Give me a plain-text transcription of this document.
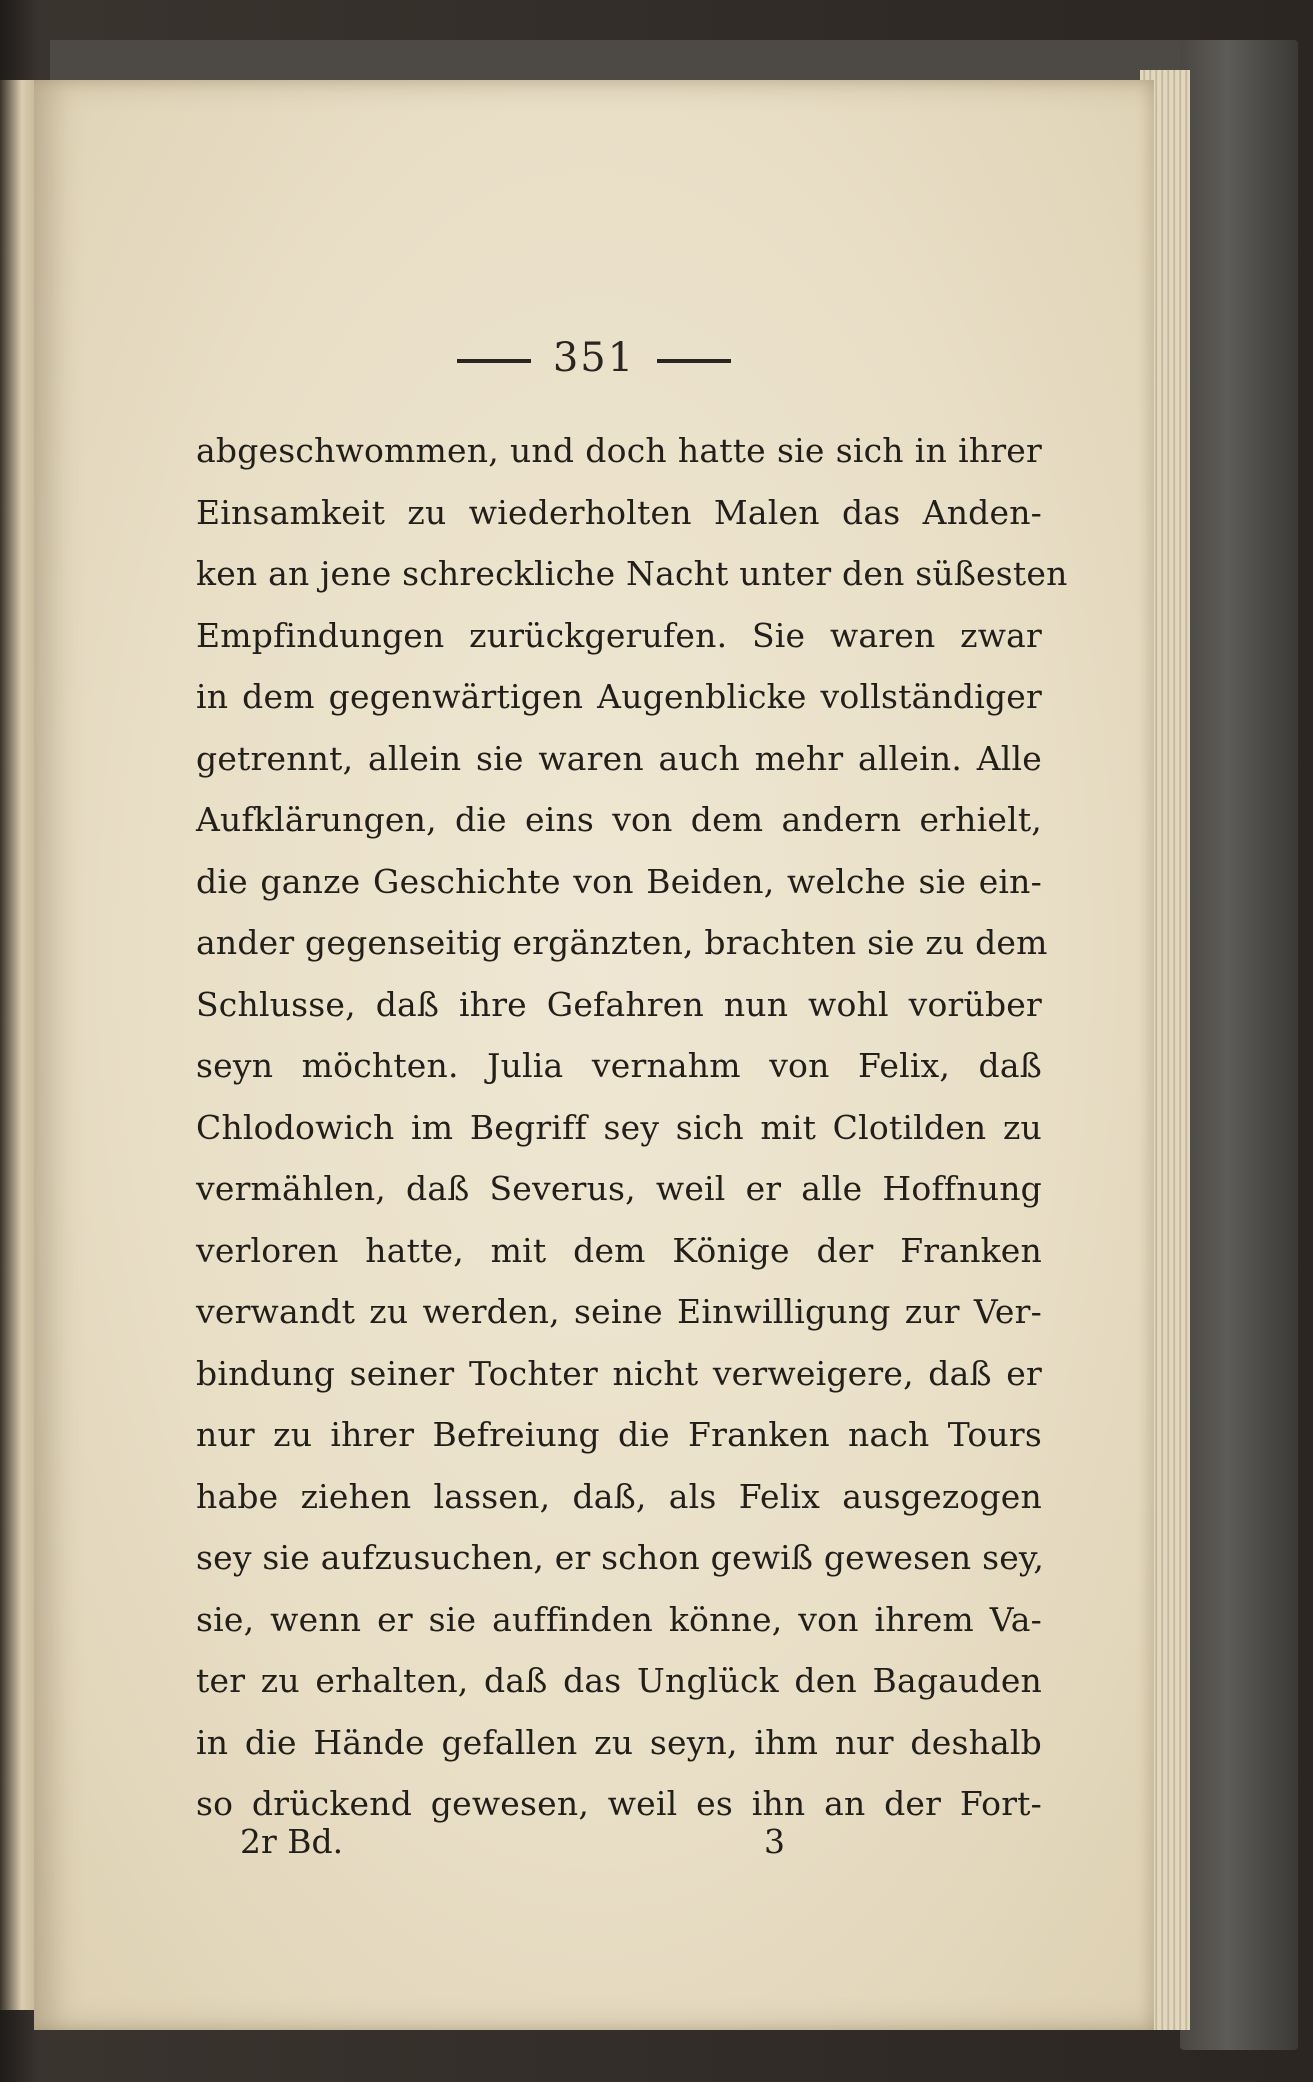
351
abgeschwommen, und doch hatte sie sich in ihrer
Einsamkeit zu wiederholten Malen das Anden-
ken an jene schreckliche Nacht unter den süßesten
Empfindungen zurückgerufen. Sie waren zwar
in dem gegenwärtigen Augenblicke vollständiger
getrennt, allein sie waren auch mehr allein. Alle
Aufklärungen, die eins von dem andern erhielt,
die ganze Geschichte von Beiden, welche sie ein-
ander gegenseitig ergänzten, brachten sie zu dem
Schlusse, daß ihre Gefahren nun wohl vorüber
seyn möchten. Julia vernahm von Felix, daß
Chlodowich im Begriff sey sich mit Clotilden zu
vermählen, daß Severus, weil er alle Hoffnung
verloren hatte, mit dem Könige der Franken
verwandt zu werden, seine Einwilligung zur Ver-
bindung seiner Tochter nicht verweigere, daß er
nur zu ihrer Befreiung die Franken nach Tours
habe ziehen lassen, daß, als Felix ausgezogen
sey sie aufzusuchen, er schon gewiß gewesen sey,
sie, wenn er sie auffinden könne, von ihrem Va-
ter zu erhalten, daß das Unglück den Bagauden
in die Hände gefallen zu seyn, ihm nur deshalb
so drückend gewesen, weil es ihn an der Fort-
2r Bd.	3
